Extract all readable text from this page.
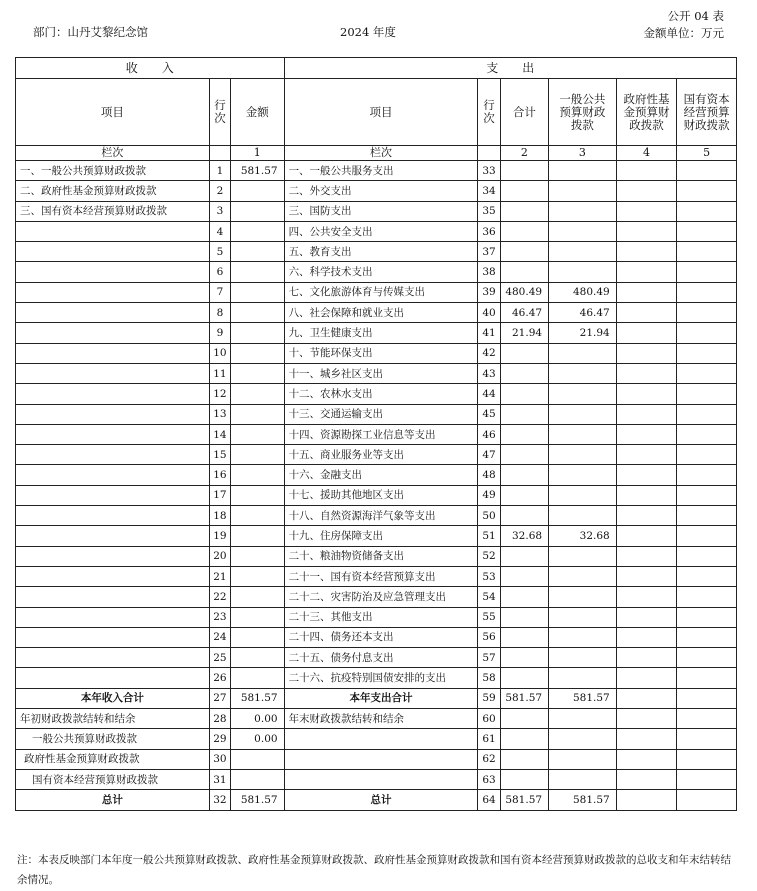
部门：山丹艾黎纪念馆	2024 年度
公开 04 表
金额单位：万元
收　　入			支　　出					
项目	行次	金额	项目	行次	合计	一般公共预算财政拨款	政府性基金预算财政拨款	国有资本经营预算财政拨款
栏次		1	栏次		2	3	4	5
一、一般公共预算财政拨款	1	581.57	一、一般公共服务支出	33				
二、政府性基金预算财政拨款	2		二、外交支出	34				
三、国有资本经营预算财政拨款	3		三、国防支出	35				
	4		四、公共安全支出	36				
	5		五、教育支出	37				
	6		六、科学技术支出	38				
	7		七、文化旅游体育与传媒支出	39	480.49	480.49		
	8		八、社会保障和就业支出	40	46.47	46.47		
	9		九、卫生健康支出	41	21.94	21.94		
	10		十、节能环保支出	42				
	11		十一、城乡社区支出	43				
	12		十二、农林水支出	44				
	13		十三、交通运输支出	45				
	14		十四、资源勘探工业信息等支出	46				
	15		十五、商业服务业等支出	47				
	16		十六、金融支出	48				
	17		十七、援助其他地区支出	49				
	18		十八、自然资源海洋气象等支出	50				
	19		十九、住房保障支出	51	32.68	32.68		
	20		二十、粮油物资储备支出	52				
	21		二十一、国有资本经营预算支出	53				
	22		二十二、灾害防治及应急管理支出	54				
	23		二十三、其他支出	55				
	24		二十四、债务还本支出	56				
	25		二十五、债务付息支出	57				
	26		二十六、抗疫特别国债安排的支出	58				
本年收入合计	27	581.57	本年支出合计	59	581.57	581.57		
年初财政拨款结转和结余	28	0.00	年末财政拨款结转和结余	60				
一般公共预算财政拨款	29	0.00		61				
政府性基金预算财政拨款	30			62				
国有资本经营预算财政拨款	31			63				
总计	32	581.57	总计	64	581.57	581.57		
注：本表反映部门本年度一般公共预算财政拨款、政府性基金预算财政拨款、政府性基金预算财政拨款和国有资本经营预算财政拨款的总收支和年末结转结余情况。
